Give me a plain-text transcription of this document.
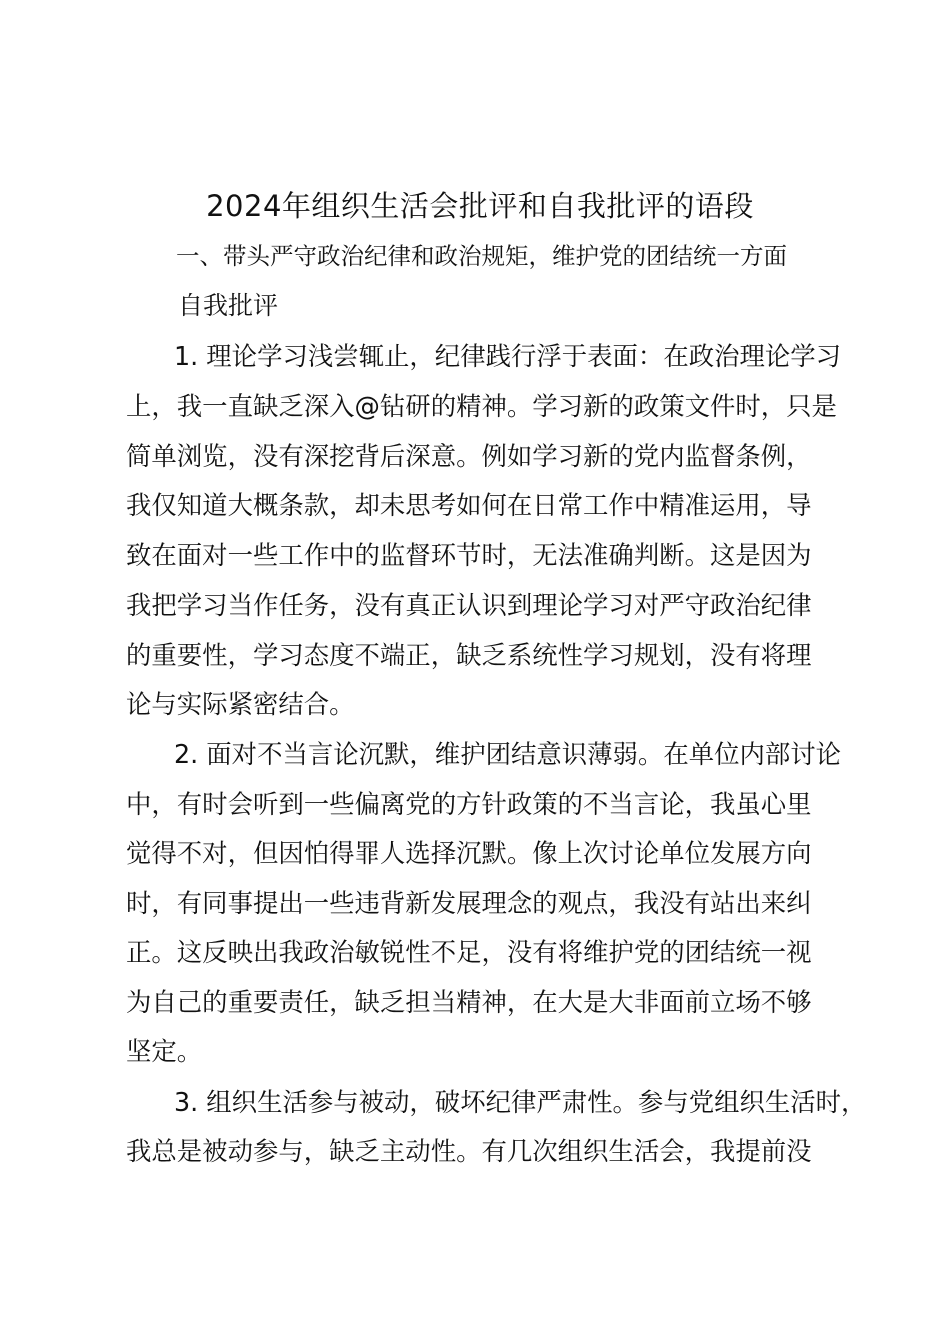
2024年组织生活会批评和自我批评的语段
一、带头严守政治纪律和政治规矩，维护党的团结统一方面
自我批评

1. 理论学习浅尝辄止，纪律践行浮于表面：在政治理论学习

上，我一直缺乏深入@钻研的精神。学习新的政策文件时，只是

简单浏览，没有深挖背后深意。例如学习新的党内监督条例，

我仅知道大概条款，却未思考如何在日常工作中精准运用，导

致在面对一些工作中的监督环节时，无法准确判断。这是因为

我把学习当作任务，没有真正认识到理论学习对严守政治纪律

的重要性，学习态度不端正，缺乏系统性学习规划，没有将理

论与实际紧密结合。

2. 面对不当言论沉默，维护团结意识薄弱。在单位内部讨论

中，有时会听到一些偏离党的方针政策的不当言论，我虽心里

觉得不对，但因怕得罪人选择沉默。像上次讨论单位发展方向

时，有同事提出一些违背新发展理念的观点，我没有站出来纠

正。这反映出我政治敏锐性不足，没有将维护党的团结统一视

为自己的重要责任，缺乏担当精神，在大是大非面前立场不够

坚定。

3. 组织生活参与被动，破坏纪律严肃性。参与党组织生活时，

我总是被动参与，缺乏主动性。有几次组织生活会，我提前没
